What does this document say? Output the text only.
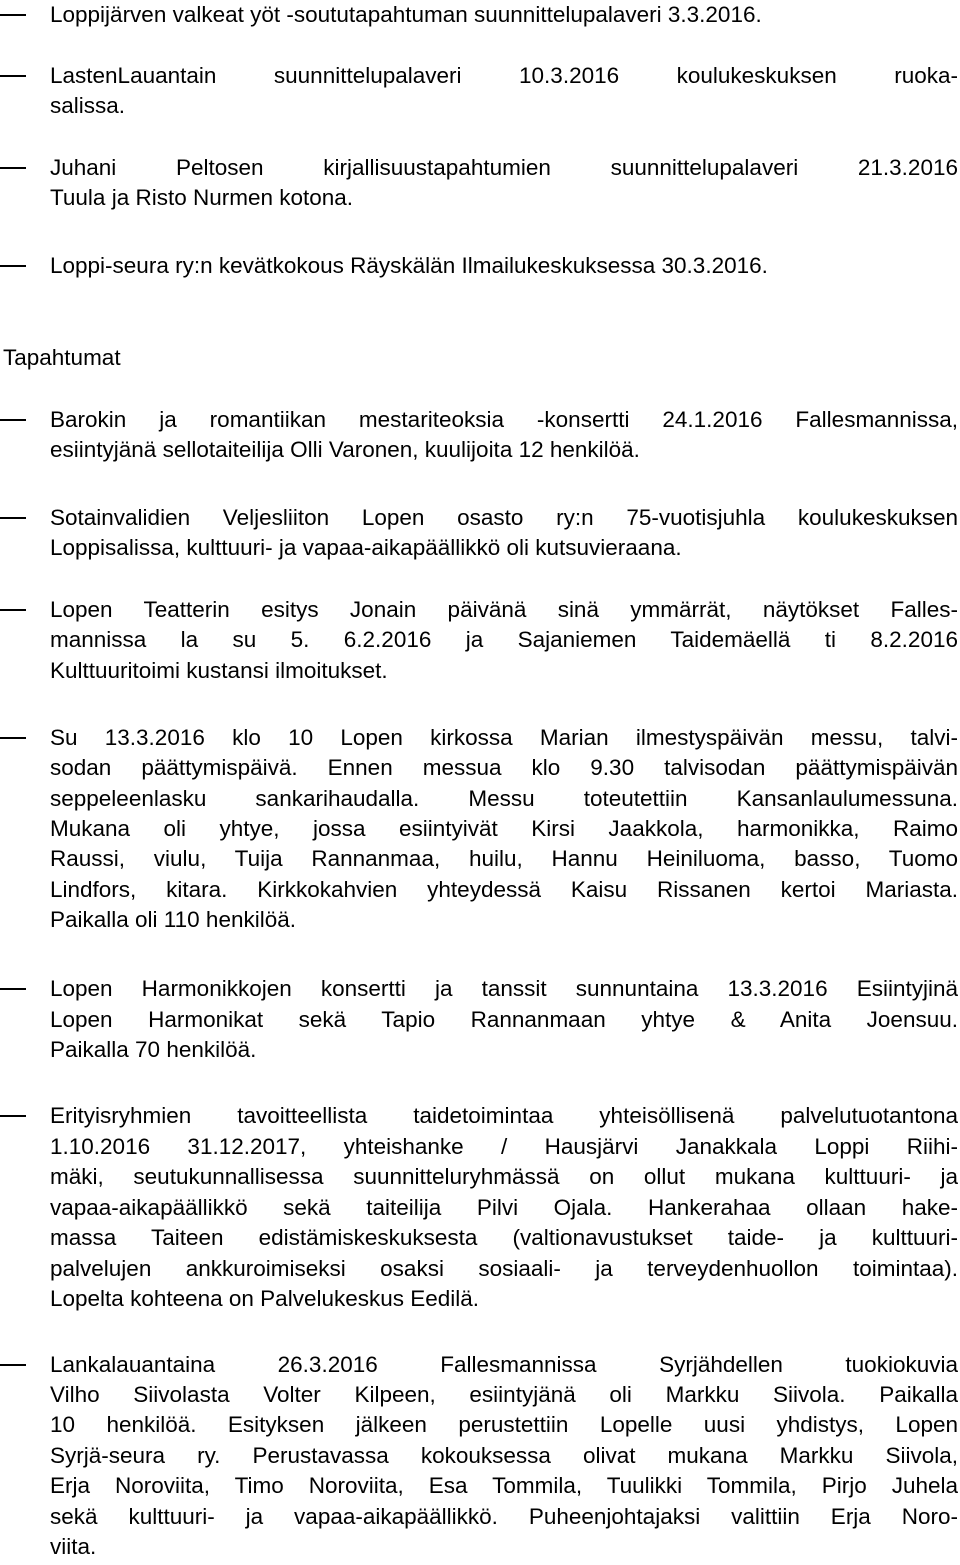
Loppijärven valkeat yöt -soututapahtuman suunnittelupalaveri 3.3.2016.
LastenLauantain suunnittelupalaveri 10.3.2016 koulukeskuksen ruoka-
salissa.
Juhani Peltosen kirjallisuustapahtumien suunnittelupalaveri 21.3.2016
Tuula ja Risto Nurmen kotona.
Loppi-seura ry:n kevätkokous Räyskälän Ilmailukeskuksessa 30.3.2016.
Tapahtumat
Barokin ja romantiikan mestariteoksia -konsertti 24.1.2016 Fallesmannissa,
esiintyjänä sellotaiteilija Olli Varonen, kuulijoita 12 henkilöä.
Sotainvalidien Veljesliiton Lopen osasto ry:n 75-vuotisjuhla koulukeskuksen
Loppisalissa, kulttuuri- ja vapaa-aikapäällikkö oli kutsuvieraana.
Lopen Teatterin esitys Jonain päivänä sinä ymmärrät, näytökset Falles-
mannissa la su 5. 6.2.2016 ja Sajaniemen Taidemäellä ti 8.2.2016
Kulttuuritoimi kustansi ilmoitukset.
Su 13.3.2016 klo 10 Lopen kirkossa Marian ilmestyspäivän messu, talvi-
sodan päättymispäivä. Ennen messua klo 9.30 talvisodan päättymispäivän
seppeleenlasku sankarihaudalla. Messu toteutettiin Kansanlaulumessuna.
Mukana oli yhtye, jossa esiintyivät Kirsi Jaakkola, harmonikka, Raimo
Raussi, viulu, Tuija Rannanmaa, huilu, Hannu Heiniluoma, basso, Tuomo
Lindfors, kitara. Kirkkokahvien yhteydessä Kaisu Rissanen kertoi Mariasta.
Paikalla oli 110 henkilöä.
Lopen Harmonikkojen konsertti ja tanssit sunnuntaina 13.3.2016 Esiintyjinä
Lopen Harmonikat sekä Tapio Rannanmaan yhtye & Anita Joensuu.
Paikalla 70 henkilöä.
Erityisryhmien tavoitteellista taidetoimintaa yhteisöllisenä palvelutuotantona
1.10.2016 31.12.2017, yhteishanke / Hausjärvi Janakkala Loppi Riihi-
mäki, seutukunnallisessa suunnitteluryhmässä on ollut mukana kulttuuri- ja
vapaa-aikapäällikkö sekä taiteilija Pilvi Ojala. Hankerahaa ollaan hake-
massa Taiteen edistämiskeskuksesta (valtionavustukset taide- ja kulttuuri-
palvelujen ankkuroimiseksi osaksi sosiaali- ja terveydenhuollon toimintaa).
Lopelta kohteena on Palvelukeskus Eedilä.
Lankalauantaina 26.3.2016 Fallesmannissa Syrjähdellen tuokiokuvia
Vilho Siivolasta Volter Kilpeen, esiintyjänä oli Markku Siivola. Paikalla
10 henkilöä. Esityksen jälkeen perustettiin Lopelle uusi yhdistys, Lopen
Syrjä-seura ry. Perustavassa kokouksessa olivat mukana Markku Siivola,
Erja Noroviita, Timo Noroviita, Esa Tommila, Tuulikki Tommila, Pirjo Juhela
sekä kulttuuri- ja vapaa-aikapäällikkö. Puheenjohtajaksi valittiin Erja Noro-
viita.
